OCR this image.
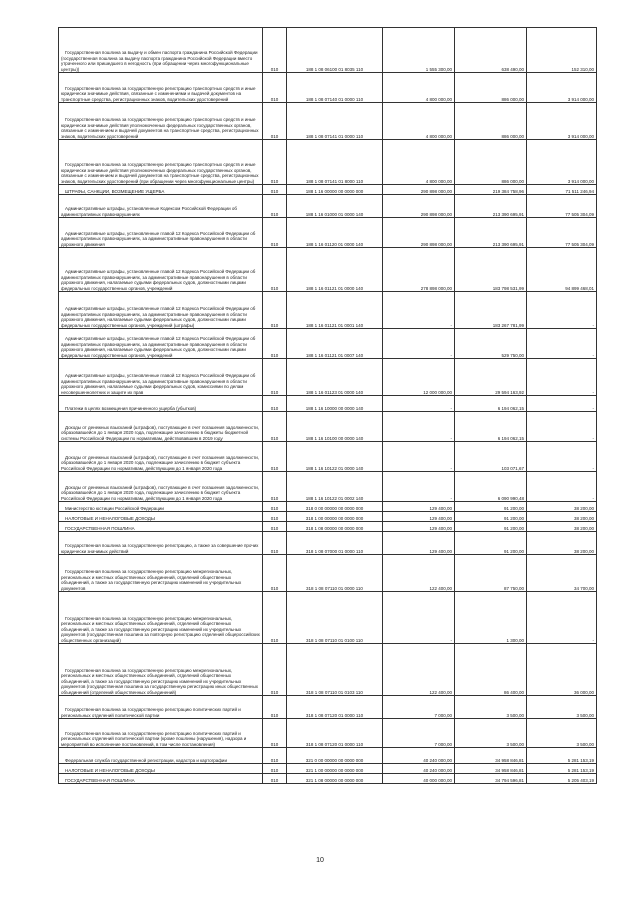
Государственная пошлина за выдачу и обмен паспорта гражданина Российской Федерации (государственная пошлина за выдачу паспорта гражданина Российской Федерации вместо утраченного или пришедшего в негодность (при обращении через многофункциональные центры))	010	188 1 08 06100 01 8035 110	1 555 300,00	638 490,00	152 310,00
Государственная пошлина за государственную регистрацию транспортных средств и иные юридически значимые действия, связанные с изменениями и выдачей документов на транспортные средства, регистрационных знаков, водительских удостоверений	010	188 1 08 07140 01 0000 110	4 800 000,00	886 000,00	3 914 000,00
Государственная пошлина за государственную регистрацию транспортных средств и иные юридически значимые действия уполномоченных федеральных государственных органов, связанные с изменением и выдачей документов на транспортные средства, регистрационных знаков, водительских удостоверений	010	188 1 08 07141 01 0000 110	4 800 000,00	886 000,00	3 914 000,00
Государственная пошлина за государственную регистрацию транспортных средств и иные юридически значимые действия уполномоченных федеральных государственных органов, связанные с изменением и выдачей документов на транспортные средства, регистрационных знаков, водительских удостоверений (при обращении через многофункциональные центры)	010	188 1 08 07141 01 8000 110	4 800 000,00	886 000,00	3 914 000,00
ШТРАФЫ, САНКЦИИ, ВОЗМЕЩЕНИЕ УЩЕРБА	010	188 1 16 00000 00 0000 000	290 898 000,00	219 384 758,96	71 511 246,94
Административные штрафы, установленные Кодексом Российской Федерации об административных правонарушениях	010	188 1 16 01000 01 0000 140	290 898 000,00	213 390 695,91	77 505 304,09
Административные штрафы, установленные главой 12 Кодекса Российской Федерации об административных правонарушениях, за административные правонарушения в области дорожного движения	010	188 1 16 01120 01 0000 140	290 898 000,00	213 390 695,91	77 505 304,09
Административные штрафы, установленные главой 12 Кодекса Российской Федерации об административных правонарушениях, за административные правонарушения в области дорожного движения, налагаемые судьями федеральных судов, должностными лицами федеральных государственных органов, учреждений	010	188 1 16 01121 01 0000 140	278 898 000,00	183 798 531,99	94 899 468,01
Административные штрафы, установленные главой 12 Кодекса Российской Федерации об административных правонарушениях, за административные правонарушения в области дорожного движения, налагаемые судьями федеральных судов, должностными лицами федеральных государственных органов, учреждений (штрафы)	010	188 1 16 01121 01 0001 140	-	183 267 781,99	-
Административные штрафы, установленные главой 12 Кодекса Российской Федерации об административных правонарушениях, за административные правонарушения в области дорожного движения, налагаемые судьями федеральных судов, должностными лицами федеральных государственных органов, учреждений	010	188 1 16 01121 01 0007 140	-	529 750,00	-
Административные штрафы, установленные главой 12 Кодекса Российской Федерации об административных правонарушениях, за административные правонарушения в области дорожного движения, налагаемые судьями федеральных судов, комиссиями по делам несовершеннолетних и защите их прав	010	188 1 16 01123 01 0000 140	12 000 000,00	29 594 163,92	-
Платежи в целях возмещения причиненного ущерба (убытков)	010	188 1 16 10000 00 0000 140	-	6 194 062,15	-
Доходы от денежных взысканий (штрафов), поступающие в счет погашения задолженности, образовавшейся до 1 января 2020 года, подлежащие зачислению в бюджеты бюджетной системы Российской Федерации по нормативам, действовавшим в 2019 году	010	188 1 16 10100 00 0000 140	-	6 194 062,15	-
Доходы от денежных взысканий (штрафов), поступающие в счет погашения задолженности, образовавшейся до 1 января 2020 года, подлежащие зачислению в бюджет субъекта Российской Федерации по нормативам, действующим до 1 января 2020 года	010	188 1 16 10122 01 0000 140	-	103 071,67	-
Доходы от денежных взысканий (штрафов), поступающие в счет погашения задолженности, образовавшейся до 1 января 2020 года, подлежащие зачислению в бюджет субъекта Российской Федерации по нормативам, действующим до 1 января 2020 года	010	188 1 16 10122 01 0002 140	-	6 090 990,48	-
Министерство юстиции Российской Федерации	010	318 0 00 00000 00 0000 000	129 400,00	91 200,00	38 200,00
НАЛОГОВЫЕ И НЕНАЛОГОВЫЕ ДОХОДЫ	010	318 1 00 00000 00 0000 000	129 400,00	91 200,00	38 200,00
ГОСУДАРСТВЕННАЯ ПОШЛИНА	010	318 1 08 00000 00 0000 000	129 400,00	91 200,00	38 200,00
Государственная пошлина за государственную регистрацию, а также за совершение прочих юридически значимых действий	010	318 1 08 07000 01 0000 110	129 400,00	91 200,00	38 200,00
Государственная пошлина за государственную регистрацию межрегиональных, региональных и местных общественных объединений, отделений общественных объединений, а также за государственную регистрацию изменений их учредительных документов	010	318 1 08 07110 01 0000 110	122 400,00	87 750,00	34 700,00
Государственная пошлина за государственную регистрацию межрегиональных, региональных и местных общественных объединений, отделений общественных объединений, а также за государственную регистрацию изменений их учредительных документов (государственная пошлина за повторную регистрацию отделений общероссийских общественных организаций)	010	318 1 08 07110 01 0100 110	-	1 300,00	-
Государственная пошлина за государственную регистрацию межрегиональных, региональных и местных общественных объединений, отделений общественных объединений, а также за государственную регистрацию изменений их учредительных документов (государственная пошлина за государственную регистрацию иных общественных объединений (отделений общественных объединений)	010	318 1 08 07110 01 0103 110	122 400,00	86 400,00	36 000,00
Государственная пошлина за государственную регистрацию политических партий и региональных отделений политической партии	010	318 1 08 07120 01 0000 110	7 000,00	3 500,00	3 500,00
Государственная пошлина за государственную регистрацию политических партий и региональных отделений политической партии (кроме пошлины (нарушения), надзора и мероприятий во исполнение постановлений, в том числе постановления)	010	318 1 08 07120 01 0000 110	7 000,00	3 500,00	3 500,00
Федеральная служба государственной регистрации, кадастра и картографии	010	321 0 00 00000 00 0000 000	40 240 000,00	34 958 846,81	5 281 153,19
НАЛОГОВЫЕ И НЕНАЛОГОВЫЕ ДОХОДЫ	010	321 1 00 00000 00 0000 000	40 240 000,00	34 958 846,81	5 281 153,19
ГОСУДАРСТВЕННАЯ ПОШЛИНА	010	321 1 08 00000 00 0000 000	40 000 000,00	34 794 596,81	5 205 403,19
10
